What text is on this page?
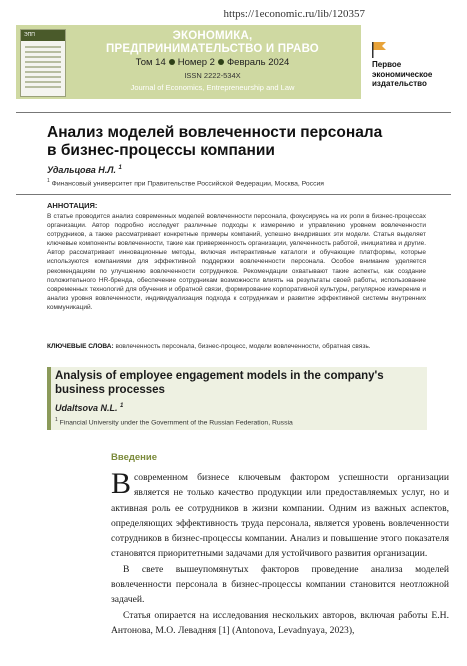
https://1economic.ru/lib/120357
ЭПП	ЭКОНОМИКА,
ПРЕДПРИНИМАТЕЛЬСТВО И ПРАВО
Том 14 Номер 2 Февраль 2024
ISSN 2222-534X
Journal of Economics, Entrepreneurship and Law
Первое
экономическое
издательство
Анализ моделей вовлеченности персонала
в бизнес-процессы компании
Удальцова Н.Л. $^1$
$^1$ Финансовый университет при Правительстве Российской Федерации, Москва, Россия
АННОТАЦИЯ:
В статье проводится анализ современных моделей вовлеченности персонала, фокусируясь на их роли в бизнес-процессах организации. Автор подробно исследует различные подходы к измерению и управлению уровнем вовлеченности сотрудников, а также рассматривает конкретные примеры компаний, успешно внедривших эти модели. Статья выделяет ключевые компоненты вовлеченности, такие как приверженность организации, увлеченность работой, инициатива и другие. Автор рассматривает инновационные методы, включая интерактивные каталоги и обучающие платформы, которые используются компаниями для эффективной поддержки вовлеченности персонала. Особое внимание уделяется рекомендациям по улучшению вовлеченности сотрудников. Рекомендации охватывают такие аспекты, как создание положительного HR-бренда, обеспечение сотрудникам возможности влиять на результаты своей работы, использование современных технологий для обучения и обратной связи, формирование корпоративной культуры, регулярное измерение и анализ уровня вовлеченности, индивидуализация подхода к сотрудникам и развитие эффективной системы внутренних коммуникаций.
КЛЮЧЕВЫЕ СЛОВА: вовлеченность персонала, бизнес-процесс, модели вовлеченности, обратная связь.
Analysis of employee engagement models in the company's
business processes
Udaltsova N.L. $^1$
$^1$ Financial University under the Government of the Russian Federation, Russia
Введение

Всовременном бизнесе ключевым фактором успешности организации является не только качество продукции или предоставляемых услуг, но и активная роль ее сотрудников в жизни компании. Одним из важных аспектов, определяющих эффективность труда персонала, является уровень вовлеченности сотрудников в бизнес-процессы компании. Анализ и повышение этого показателя становятся приоритетными задачами для устойчивого развития организации.

В свете вышеупомянутых факторов проведение анализа моделей вовлеченности персонала в бизнес-процессы компании становится неотложной задачей.

Статья опирается на исследования нескольких авторов, включая работы Е.Н. Антонова, М.О. Левадняя [1] (Antonova, Levadnyaya, 2023),
